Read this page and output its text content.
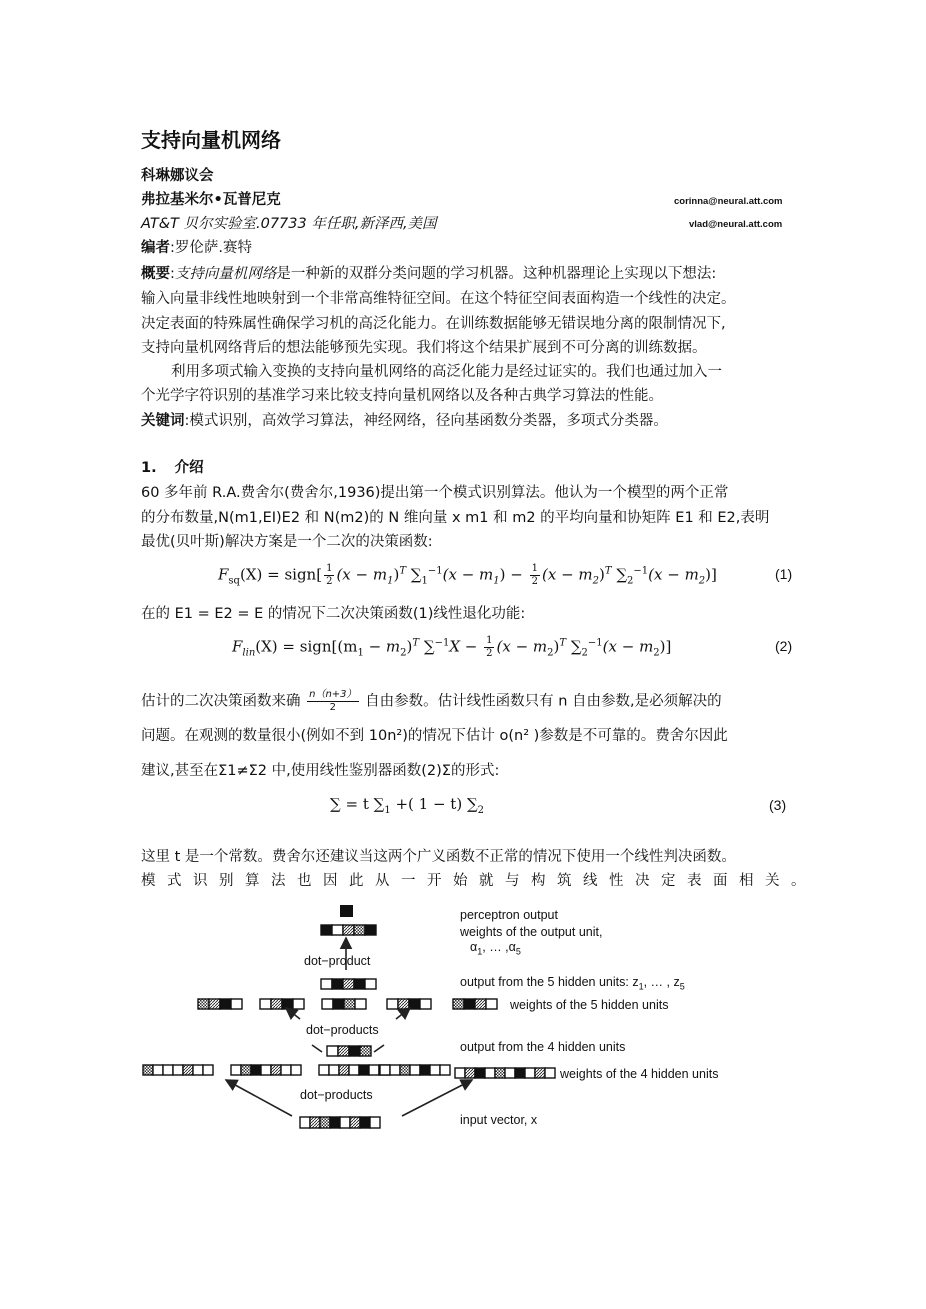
支持向量机网络
科琳娜议会
弗拉基米尔•瓦普尼克	corinna@neural.att.com
vlad@neural.att.com
AT&T 贝尔实验室.07733 年任职,新泽西,美国
编者:罗伦萨.赛特
概要:支持向量机网络是一种新的双群分类问题的学习机器。这种机器理论上实现以下想法:
输入向量非线性地映射到一个非常高维特征空间。在这个特征空间表面构造一个线性的决定。
决定表面的特殊属性确保学习机的高泛化能力。在训练数据能够无错误地分离的限制情况下,
支持向量机网络背后的想法能够预先实现。我们将这个结果扩展到不可分离的训练数据。
利用多项式输入变换的支持向量机网络的高泛化能力是经过证实的。我们也通过加入一
个光学字符识别的基准学习来比较支持向量机网络以及各种古典学习算法的性能。
关键词:模式识别，高效学习算法，神经网络，径向基函数分类器，多项式分类器。
1. 介绍
60 多年前 R.A.费舍尔(费舍尔,1936)提出第一个模式识别算法。他认为一个模型的两个正常
的分布数量,N(m1,EI)E2 和 N(m2)的 N 维向量 x m1 和 m2 的平均向量和协矩阵 E1 和 E2,表明
最优(贝叶斯)解决方案是一个二次的决策函数:
$F_{sq}(X)$ = sign[ $\frac{1}{2} (x - m_1)^T$ $\sum_1^{-1}(x - m_1) - \frac{1}{2} (x - m_2)^T$ $\sum_2^{-1}(x - m_2)$]	(1)
在的 E1 = E2 = E 的情况下二次决策函数(1)线性退化功能:
$F_{lin}(X)$ = $sign[(m_1 - m_2)^T$ $\sum^{-1}X - \frac{1}{2} (x - m_2)^T$ $\sum_2^{-1}(x - m_2)$]	(2)
估计的二次决策函数来确 $\frac{n(n+3)}{2}$ 自由参数。估计线性函数只有 n 自由参数,是必须解决的
问题。在观测的数量很小(例如不到 10n²)的情况下估计 o(n² )参数是不可靠的。费舍尔因此
建议,甚至在Σ1≠Σ2 中,使用线性鉴别器函数(2)Σ的形式:
∑ = t $\sum_1$ +( 1 − t) $\sum_2$	(3)
这里 t 是一个常数。费舍尔还建议当这两个广义函数不正常的情况下使用一个线性判决函数。
模式识别算法也因此从一开始就与构筑线性决定表面相关。
perceptron output
weights of the output unit,
$\alpha_1$, … $,\alpha_5$
dot−product
output from the 5 hidden units: $z_1$, … , $z_5$
weights of the 5 hidden units
dot−products
output from the 4 hidden units
weights of the 4 hidden units
dot−products
input vector, x
